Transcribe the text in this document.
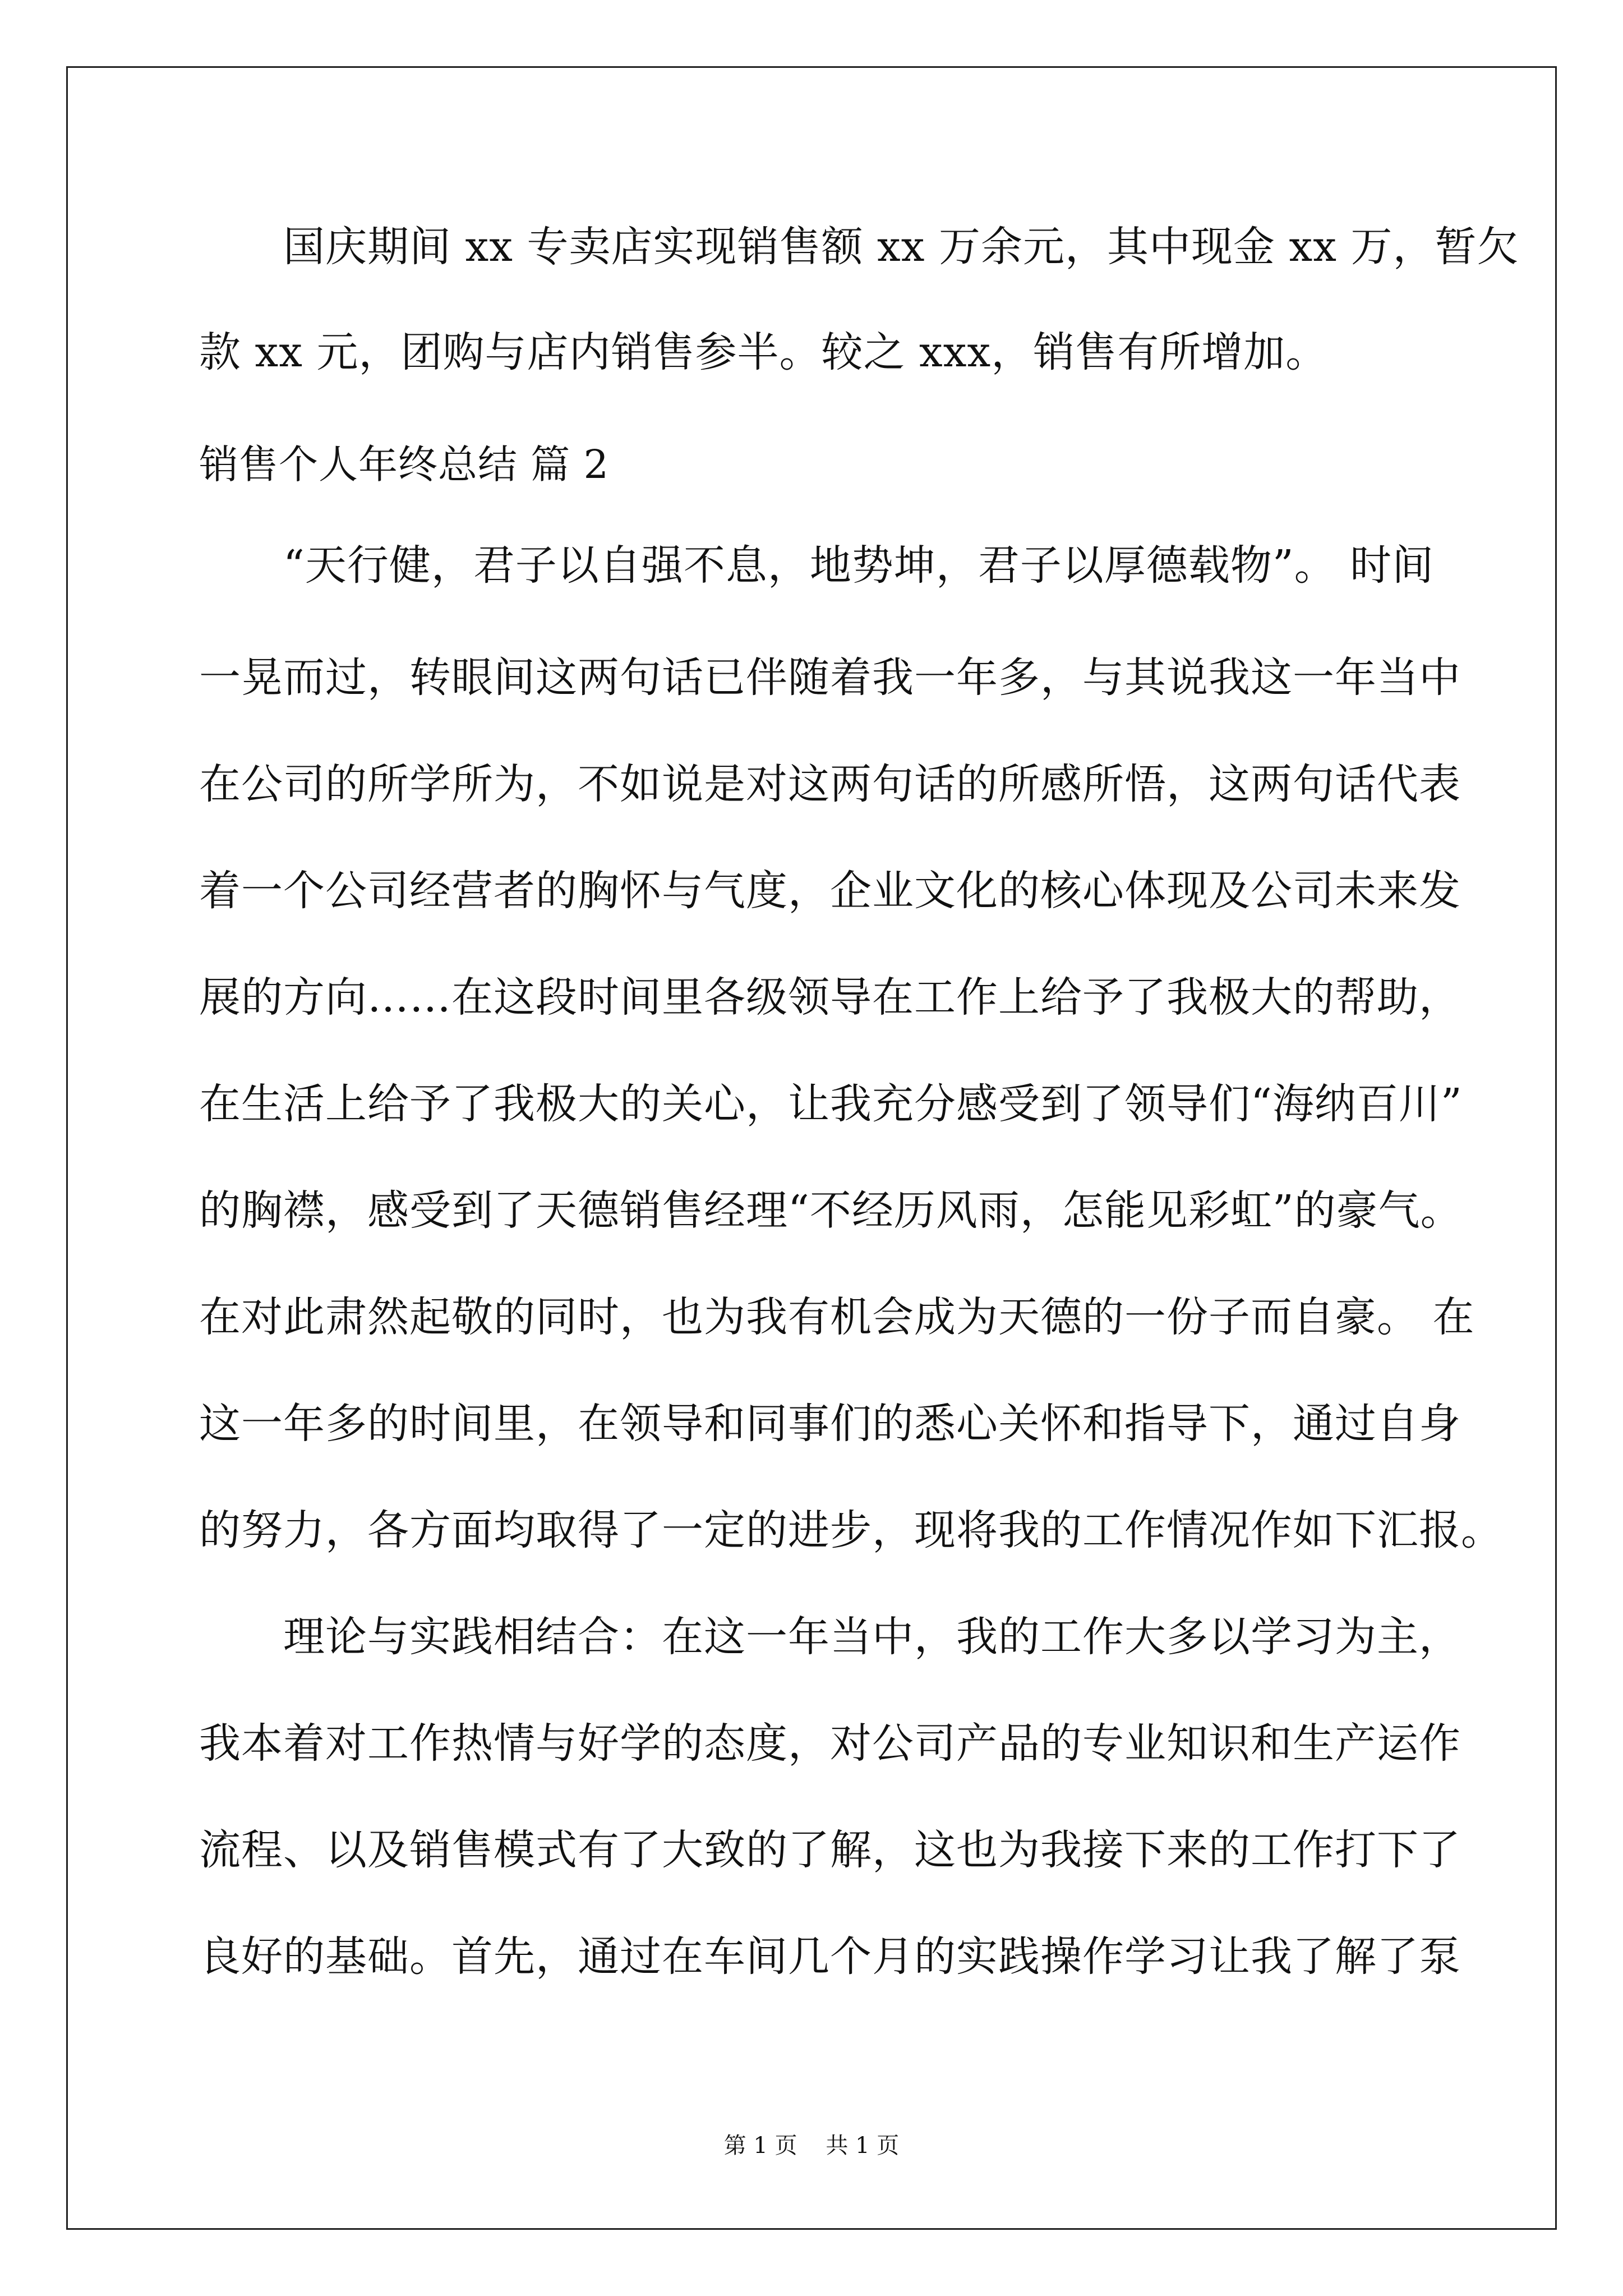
国庆期间 xx 专卖店实现销售额 xx 万余元，其中现金 xx 万，暂欠
款 xx 元，团购与店内销售参半。较之 xxx，销售有所增加。
销售个人年终总结 篇 2
“天行健，君子以自强不息，地势坤，君子以厚德载物”。 时间
一晃而过，转眼间这两句话已伴随着我一年多，与其说我这一年当中
在公司的所学所为，不如说是对这两句话的所感所悟，这两句话代表
着一个公司经营者的胸怀与气度，企业文化的核心体现及公司未来发
展的方向……在这段时间里各级领导在工作上给予了我极大的帮助，
在生活上给予了我极大的关心，让我充分感受到了领导们“海纳百川”
的胸襟，感受到了天德销售经理“不经历风雨，怎能见彩虹”的豪气。
在对此肃然起敬的同时，也为我有机会成为天德的一份子而自豪。 在
这一年多的时间里，在领导和同事们的悉心关怀和指导下，通过自身
的努力，各方面均取得了一定的进步，现将我的工作情况作如下汇报。
理论与实践相结合：在这一年当中，我的工作大多以学习为主，
我本着对工作热情与好学的态度，对公司产品的专业知识和生产运作
流程、以及销售模式有了大致的了解，这也为我接下来的工作打下了
良好的基础。首先，通过在车间几个月的实践操作学习让我了解了泵
第 1 页    共 1 页
